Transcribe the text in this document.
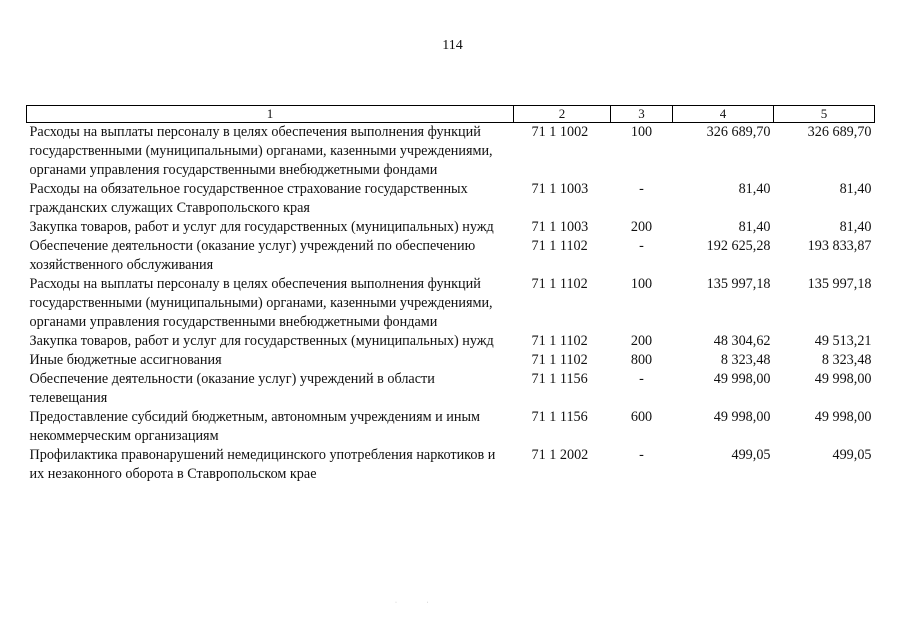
114
1	2	3	4	5
Расходы на выплаты персоналу в целях обеспечения выполнения функций государственными (муниципальными) органами, казенными учреждениями, органами управления государственными внебюджетными фондами	71 1 1002	100	326 689,70	326 689,70
Расходы на обязательное государственное страхование государственных гражданских служащих Ставропольского края	71 1 1003	-	81,40	81,40
Закупка товаров, работ и услуг для государственных (муниципальных) нужд	71 1 1003	200	81,40	81,40
Обеспечение деятельности (оказание услуг) учреждений по обеспечению хозяйственного обслуживания	71 1 1102	-	192 625,28	193 833,87
Расходы на выплаты персоналу в целях обеспечения выполнения функций государственными (муниципальными) органами, казенными учреждениями, органами управления государственными внебюджетными фондами	71 1 1102	100	135 997,18	135 997,18
Закупка товаров, работ и услуг для государственных (муниципальных) нужд	71 1 1102	200	48 304,62	49 513,21
Иные бюджетные ассигнования	71 1 1102	800	8 323,48	8 323,48
Обеспечение деятельности (оказание услуг) учреждений в области телевещания	71 1 1156	-	49 998,00	49 998,00
Предоставление субсидий бюджетным, автономным учреждениям и иным некоммерческим организациям	71 1 1156	600	49 998,00	49 998,00
Профилактика правонарушений немедицинского употребления наркотиков и их незаконного оборота в Ставропольском крае	71 1 2002	-	499,05	499,05
· ·
